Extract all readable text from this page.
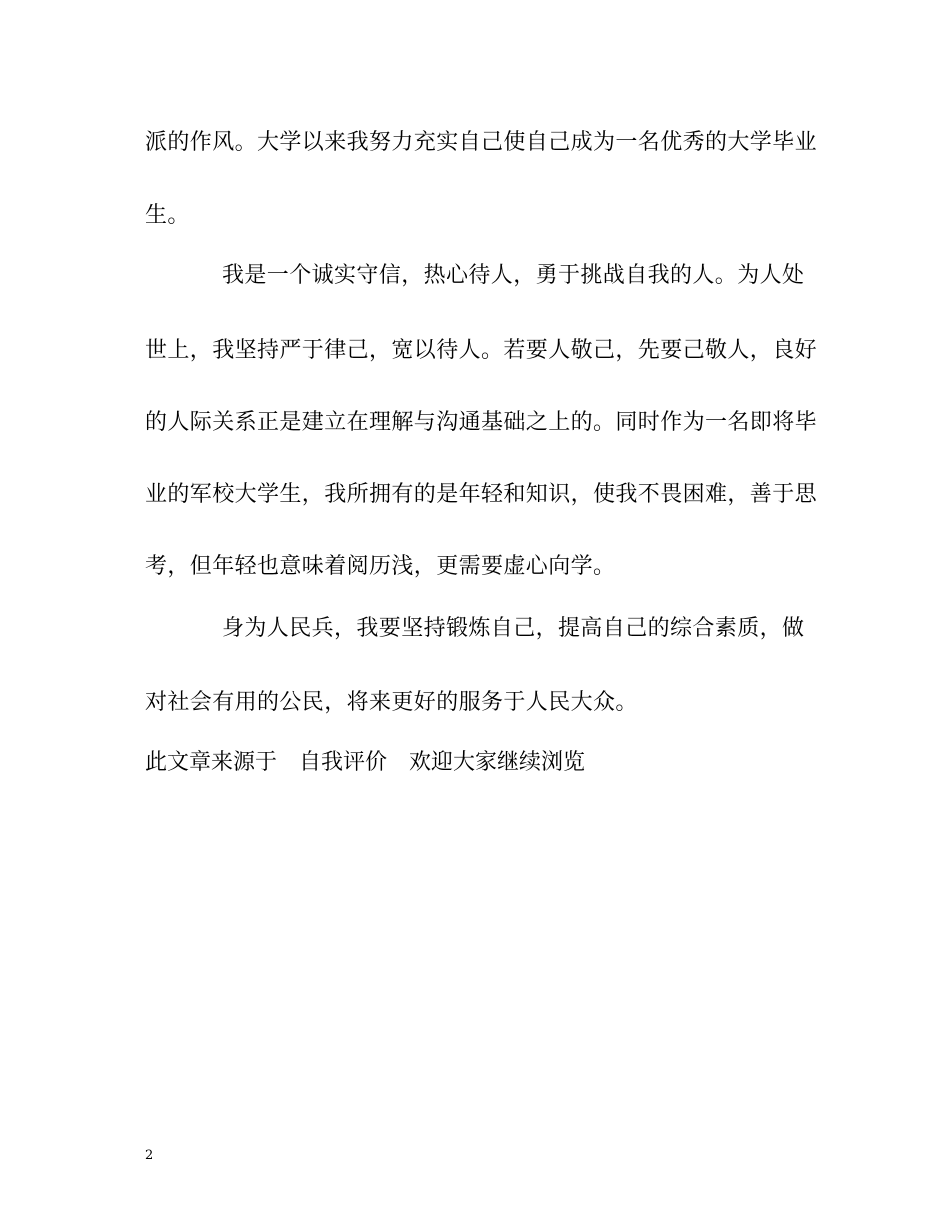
派的作风。大学以来我努力充实自己使自己成为一名优秀的大学毕业
生。
我是一个诚实守信，热心待人，勇于挑战自我的人。为人处
世上，我坚持严于律己，宽以待人。若要人敬己，先要己敬人，良好
的人际关系正是建立在理解与沟通基础之上的。同时作为一名即将毕
业的军校大学生，我所拥有的是年轻和知识，使我不畏困难，善于思
考，但年轻也意味着阅历浅，更需要虚心向学。
身为人民兵，我要坚持锻炼自己，提高自己的综合素质，做
对社会有用的公民，将来更好的服务于人民大众。
此文章来源于 自我评价 欢迎大家继续浏览
2
